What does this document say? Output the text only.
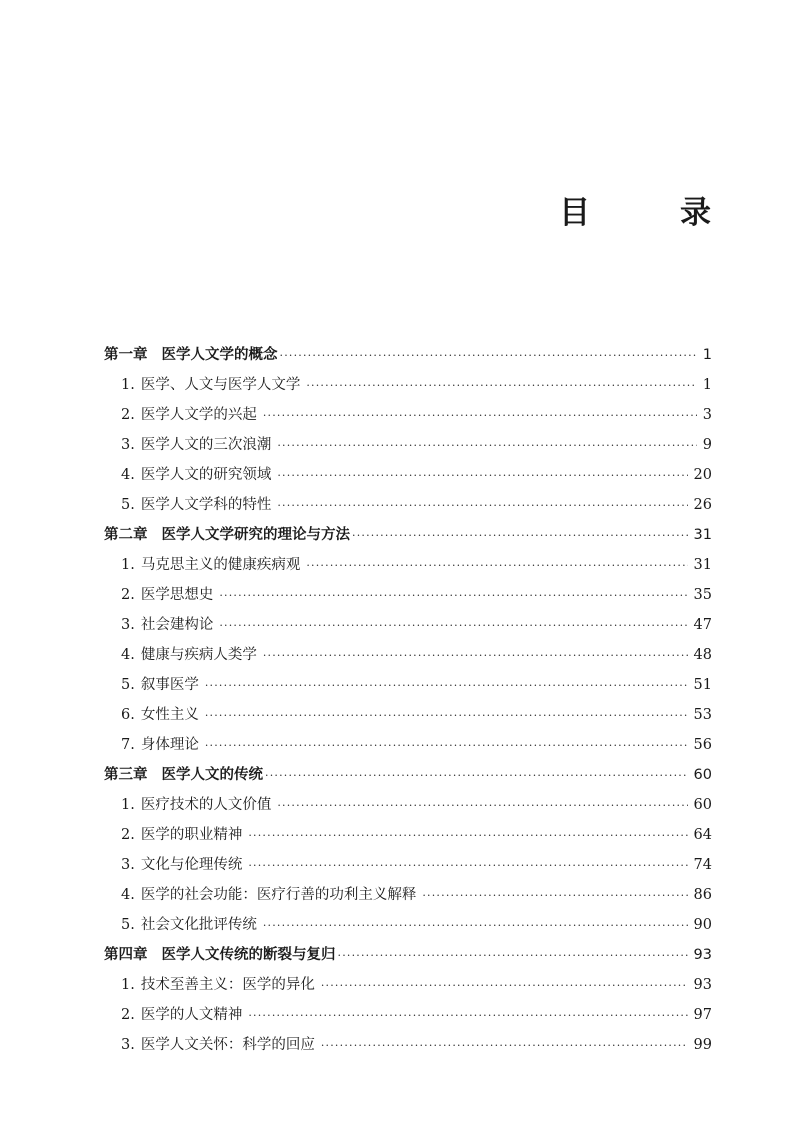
目　录
第一章 医学人文学的概念 ·····	1
1. 医学、人文与医学人文学 ·····	1
2. 医学人文学的兴起 ·····	3
3. 医学人文的三次浪潮 ·····	9
4. 医学人文的研究领域 ·····	20
5. 医学人文学科的特性 ·····	26
第二章 医学人文学研究的理论与方法 ·····	31
1. 马克思主义的健康疾病观 ·····	31
2. 医学思想史 ·····	35
3. 社会建构论 ·····	47
4. 健康与疾病人类学 ·····	48
5. 叙事医学 ·····	51
6. 女性主义 ·····	53
7. 身体理论 ·····	56
第三章 医学人文的传统 ·····	60
1. 医疗技术的人文价值 ·····	60
2. 医学的职业精神 ·····	64
3. 文化与伦理传统 ·····	74
4. 医学的社会功能：医疗行善的功利主义解释 ·····	86
5. 社会文化批评传统 ·····	90
第四章 医学人文传统的断裂与复归 ·····	93
1. 技术至善主义：医学的异化 ·····	93
2. 医学的人文精神 ·····	97
3. 医学人文关怀：科学的回应 ·····	99
